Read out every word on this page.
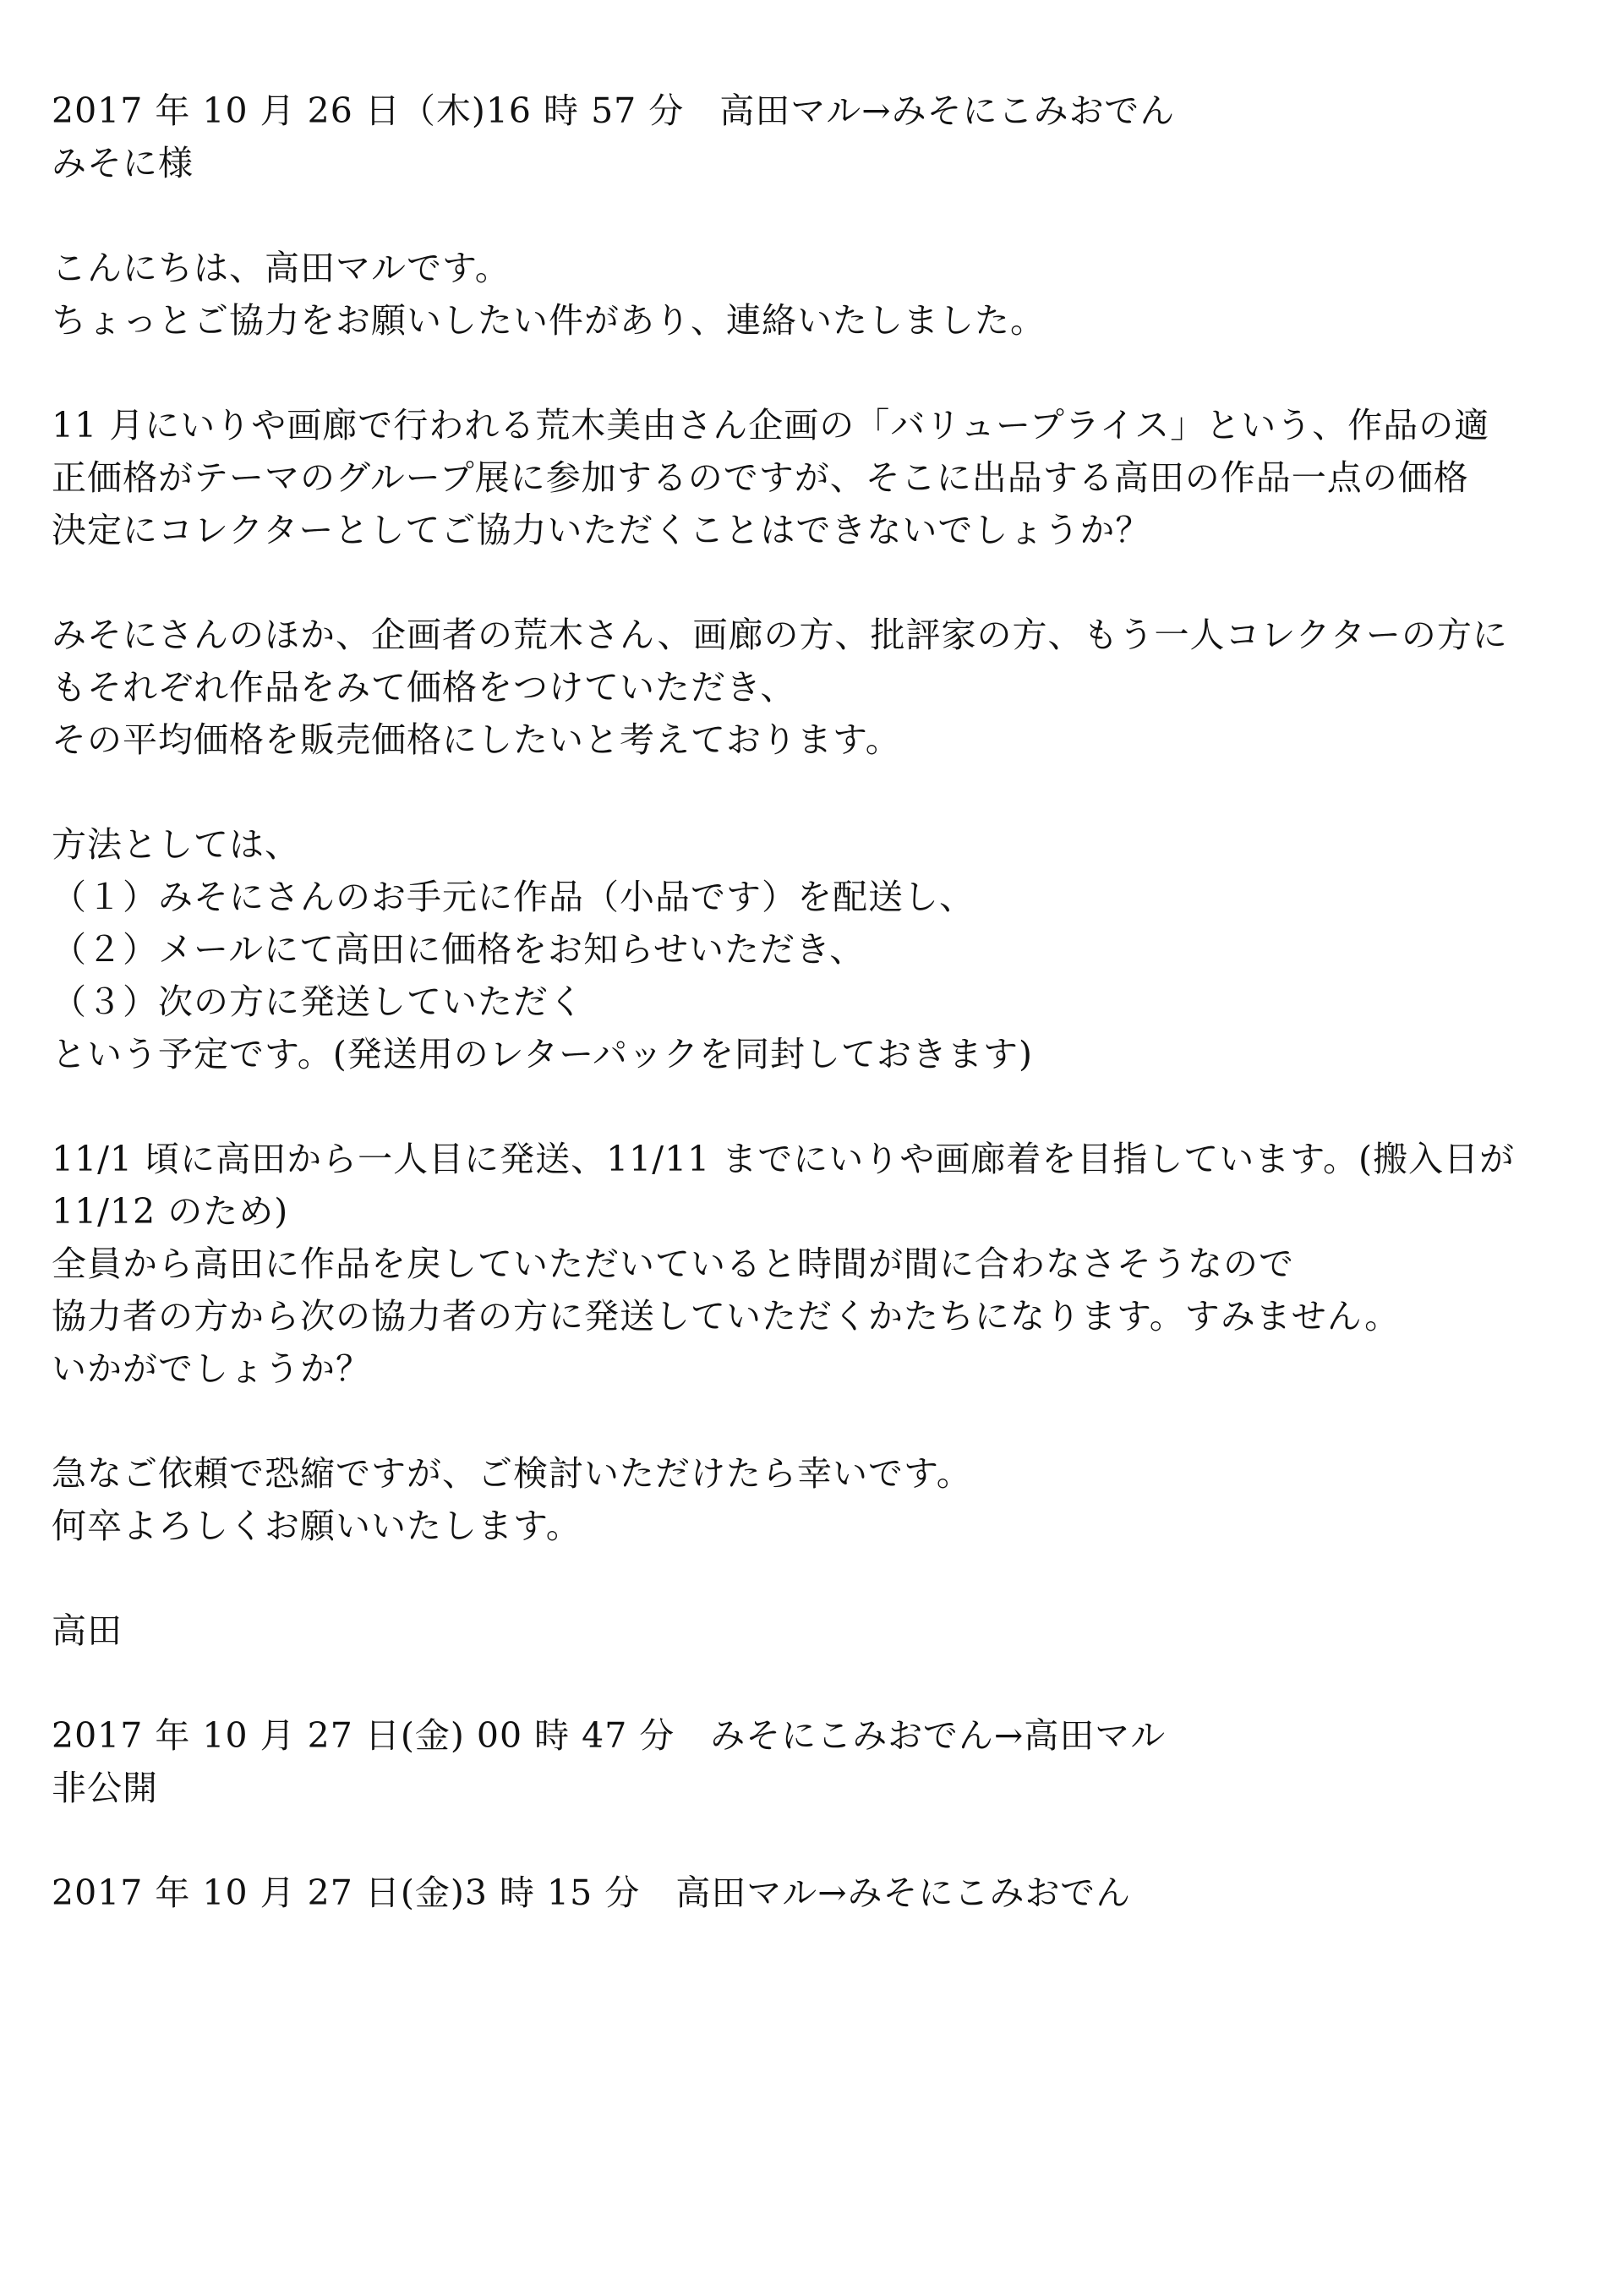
2017 年 10 月 26 日（木)16 時 57 分　高田マル→みそにこみおでん
みそに様
こんにちは、高田マルです。
ちょっとご協力をお願いしたい件があり、連絡いたしました。
11 月にいりや画廊で行われる荒木美由さん企画の「バリュープライス」という、作品の適
正価格がテーマのグループ展に参加するのですが、そこに出品する高田の作品一点の価格
決定にコレクターとしてご協力いただくことはできないでしょうか？
みそにさんのほか、企画者の荒木さん、画廊の方、批評家の方、もう一人コレクターの方に
もそれぞれ作品をみて価格をつけていただき、
その平均価格を販売価格にしたいと考えております。
方法としては、
（１）みそにさんのお手元に作品（小品です）を配送し、
（２）メールにて高田に価格をお知らせいただき、
（３）次の方に発送していただく
という予定です。(発送用のレターパックを同封しておきます)
11/1 頃に高田から一人目に発送、11/11 までにいりや画廊着を目指しています。(搬入日が
11/12 のため)
全員から高田に作品を戻していただいていると時間が間に合わなさそうなので
協力者の方から次の協力者の方に発送していただくかたちになります。すみません。
いかがでしょうか？
急なご依頼で恐縮ですが、ご検討いただけたら幸いです。
何卒よろしくお願いいたします。
高田
2017 年 10 月 27 日(金) 00 時 47 分　みそにこみおでん→高田マル
非公開
2017 年 10 月 27 日(金)3 時 15 分　高田マル→みそにこみおでん
